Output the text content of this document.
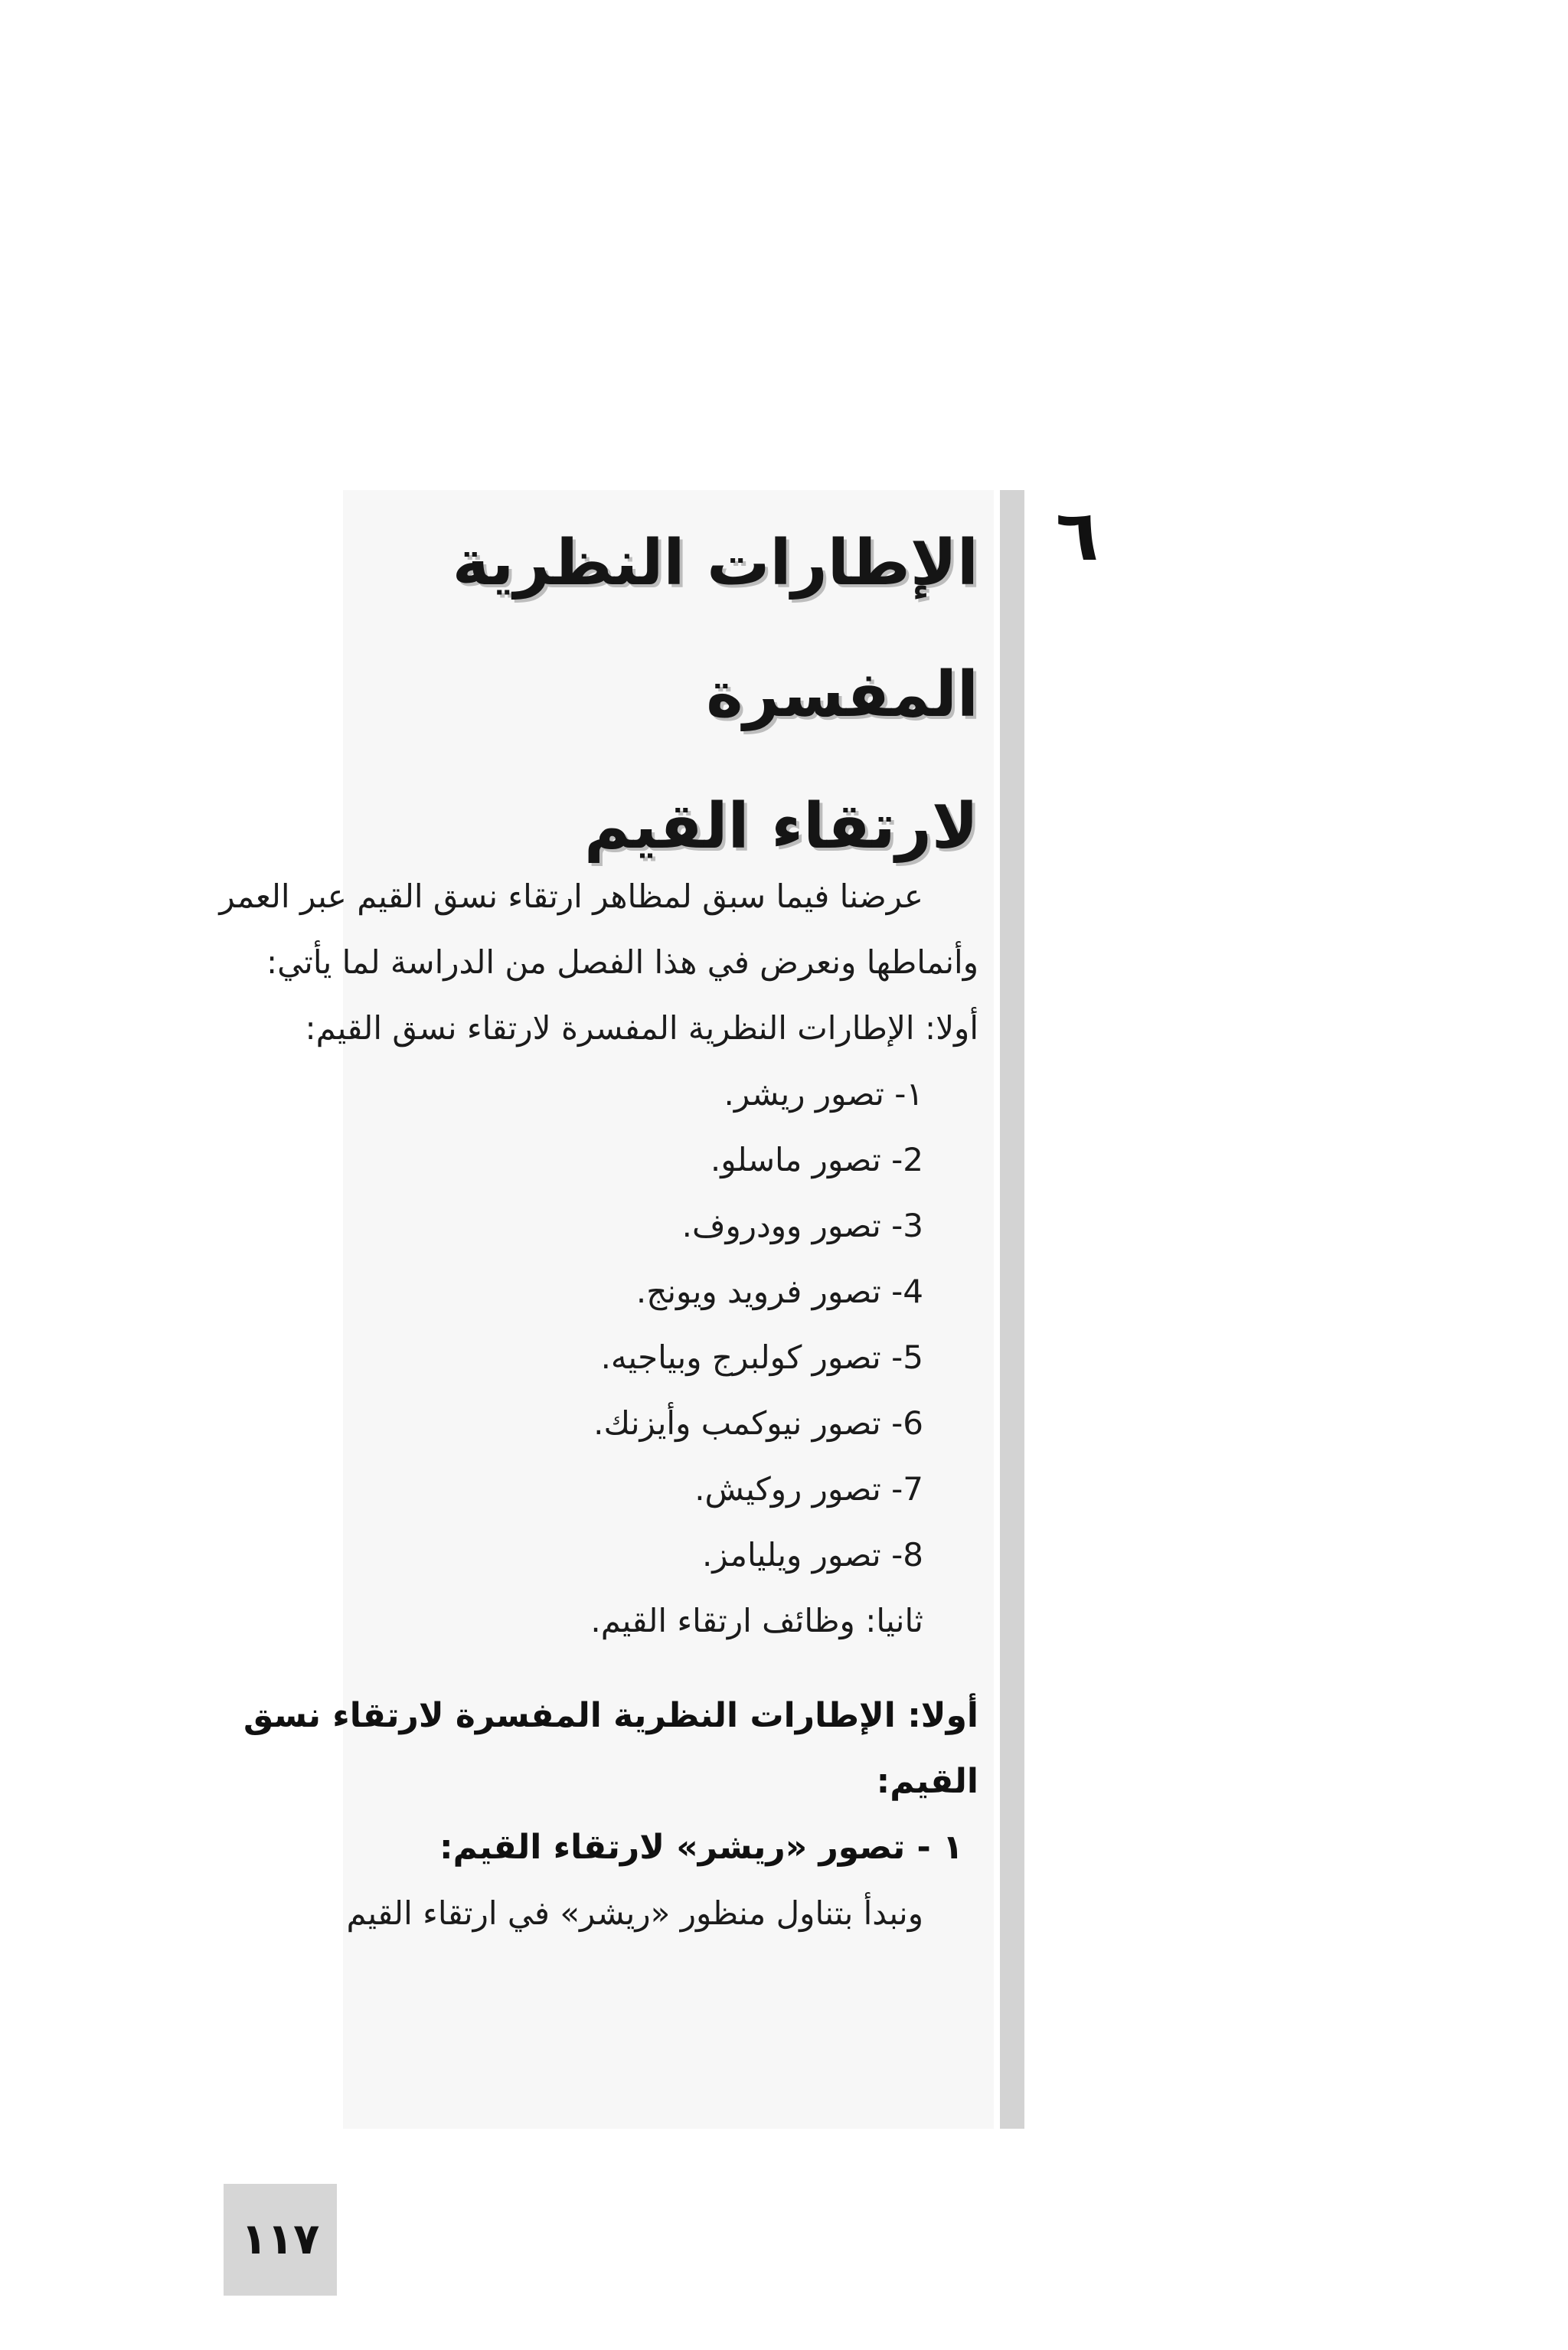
٦
الإطارات النظرية المفسرة
لارتقاء القيم

عرضنا فيما سبق لمظاهر ارتقاء نسق القيم عبر العمر وأنماطها ونعرض في هذا الفصل من الدراسة لما يأتي:

أولا: الإطارات النظرية المفسرة لارتقاء نسق القيم:

١- تصور ريشر.
2- تصور ماسلو.
3- تصور وودروف.
4- تصور فرويد ويونج.
5- تصور كولبرج وبياجيه.
6- تصور نيوكمب وأيزنك.
7- تصور روكيش.
8- تصور ويليامز.

ثانيا: وظائف ارتقاء القيم.

أولا: الإطارات النظرية المفسرة لارتقاء نسق القيم:

١ - تصور «ريشر» لارتقاء القيم:

ونبدأ بتناول منظور «ريشر» في ارتقاء القيم

١١٧
